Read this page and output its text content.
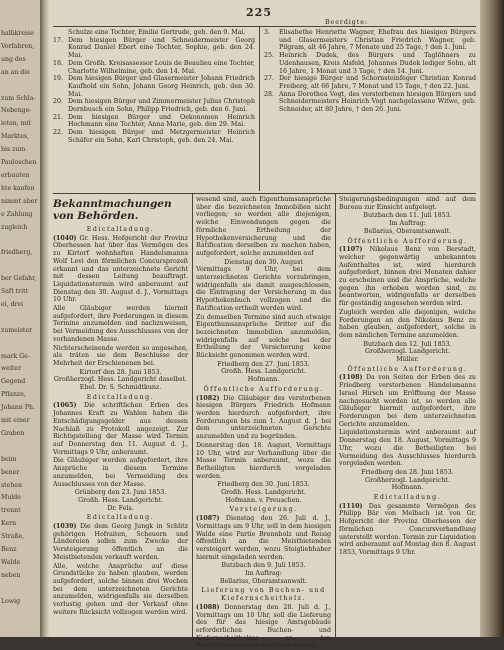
halbkreise
Verfahren,
ung des
an an die
zum Schla-
Nebenge-
ieten, mit
Marktes,
bis zum
Pauloschen
erbauten
hte kaufen
nimmt aber
e Zahlung
zugleich
friedberg,
ber Gefahr,
Saft tritt
ei, drei
zumeister
mark Ge-
weiter
Gegend
Pflanze,
Johann Ph.
mit einer
Graben
beim
bener
stehen
Mulde
trennt
Kern
Straße,
Benz
Walde
neben
Lowig
225
Beerdigte:
Schulze eine Tochter, Emilie Gertrude, geb. den 9. Mai.
17. Dem hiesigen Bürger und Schneidermeister Georg Konrad Daniel Ebert eine Tochter, Sophie, geb. den 24. Mai.
18. Dem Großh. Kreisassessor Louis de Beaulieu eine Tochter, Charlotte Wilhelmine, geb. den 14. Mai.
19. Dem hiesigen Bürger und Glasermeister Johann Friedrich Kaufhold ein Sohn, Johann Georg Heinrich, geb. den 30. Mai.
20. Dem hiesigen Bürger und Zimmermeister Julius Christoph Dornbusch ein Sohn, Philipp Friedrich, geb. den 6. Juni.
21. Dem hiesigen Bürger und Oekonomen Heinrich Hochmann eine Tochter, Anna Marie, geb. den 29. Mai.
22. Dem hiesigen Bürger und Metzgermeister Heinrich Schäfer ein Sohn, Karl Christoph, geb. den 24. Mai.
3.	Elisabethe Henriette Wagner, Ehefrau des hiesigen Bürgers und Glasermeisters Christian Friedrich Wagner, geb. Pilgram, alt 46 Jahre, 7 Monate und 25 Tage, † den 1. Juni.
25. Heinrich Dudek, des Bürgers und Taglöhners zu Udenhausen, Kreis Alsfeld, Johannes Dudek lediger Sohn, alt 16 Jahre, 1 Monat und 3 Tage, † den 14. Juni.
27. Der hiesige Bürger und Schornsteinfeger Christian Konrad Freiberg, alt 66 Jahre, 7 Monat und 15 Tage, † den 22. Juni.
28. Anna Dorothea Vogt, des verstorbenen hiesigen Bürgers und Schneidermeisters Heinrich Vogt nachgelassene Witwe, geb. Schneider, alt 80 Jahre, † den 26. Juni.
Bekanntmachungen von Behörden.
Edictalladung.

(1040) Gr. Hess. Hofgericht der Provinz Oberhessen hat über das Vermögen des zu Kirtorf wohnhaften Handelsmanns Wolf Levi den förmlichen Concursprozeß erkannt und das unterzeichnete Gericht mit dessen Leitung beauftragt. Liquidationstermin wird anberaumt auf Dienstag den 30. August d. J., Vormittags 10 Uhr.

Alle Gläubiger werden hiermit aufgefordert, ihre Forderungen in diesem Termine anzumelden und nachzuweisen, bei Vermeidung des Ausschlusses von der vorhandenen Masse.

Nichterscheinende werden so angesehen, als träten sie dem Beschlusse der Mehrheit der Erschienenen bei.

Kirtorf den 28. Juni 1853.
Großherzogl. Hess. Landgericht daselbst.
Ebel. Dr. S. Schmidtkunz.
Edictalladung.

(1065) Die schriftlichen Erben des Johannes Kraft zu Wahlen haben die Entschädigungsgelder aus dessen Nachlaß zu Protokoll angezeigt. Zur Richtigstellung der Masse wird Termin auf Donnerstag den 11. August d. J., Vormittags 9 Uhr, anberaumt.

Die Gläubiger werden aufgefordert, ihre Ansprüche in diesem Termine anzumelden, bei Vermeidung des Ausschlusses von der Masse.

Grünberg den 23. Juni 1853.
Großh. Hess. Landgericht.
Dr. Fels.
Edictalladung.

(1039) Die dem Georg Jungk in Schlitz gehörigen Hofraiten, Scheuern und Ländereien sollen zum Zwecke der Versteigerung öffentlich an die Meistbietenden verkauft werden.

Alle, welche Ansprüche auf diese Grundstücke zu haben glauben, werden aufgefordert, solche binnen drei Wochen bei dem unterzeichneten Gerichte anzumelden, widrigenfalls sie derselben verlustig gehen und der Verkauf ohne weitere Rücksicht vollzogen werden wird.

wesend sind, auch Eigenthumsansprüche über die bezeichneten Immobilien nicht vorliegen; so werden alle diejenigen, welche Einwendungen gegen die förmliche Ertheilung der Hypothekenversicherung und die Ratification derselben zu machen haben, aufgefordert, solche anzumelden auf

Dienstag den 30. August

Vormittags 9 Uhr, bei dem unterzeichneten Gerichte vorzubringen, widrigenfalls sie damit ausgeschlossen, die Eintragung der Versicherung in das Hypothekenbuch vollzogen und die Ratification ertheilt werden wird.

Zu demselben Termine sind auch etwaige Eigenthumsansprüche Dritter auf die bezeichneten Immobilien anzumelden, widrigenfalls auf solche bei der Ertheilung der Versicherung keine Rücksicht genommen werden wird.

Friedberg den 27. Juni 1853.
Großh. Hess. Landgericht.
Hofmann.
Öffentliche Aufforderung.

(1082) Die Gläubiger des verstorbenen hiesigen Bürgers Friedrich Hofmann werden hierdurch aufgefordert, ihre Forderungen bis zum 1. August d. J. bei dem unterzeichneten Gerichte anzumelden und zu begründen.

Donnerstag den 18. August, Vormittags 10 Uhr, wird zur Verhandlung über die Masse Termin anberaumt, wozu die Betheiligten hierdurch vorgeladen werden.

Friedberg den 30. Juni 1853.
Großh. Hess. Landgericht.
Hofmann. v. Preuschen.
Versteigerung.

(1087) Dienstag den 26. Juli d. J., Vormittags um 9 Uhr, soll in dem hiesigen Walde eine Partie Brennholz und Reisig öffentlich an die Meistbietenden versteigert werden, wozu Steigliebhaber hiermit eingeladen werden.

Butzbach den 9. Juli 1853.
Im Auftrag:
Bellarius, Oberamtsanwalt.
Lieferung von Buchen- und Kiefernscheitholz.

(1088) Donnerstag den 28. Juli d. J., Vormittags um 10 Uhr, soll die Lieferung des für das hiesige Amtsgebäude erforderlichen Buchen- und Kiefernscheitholzes an den Wenigstnehmenden vergeben werden.

Steigerungsbedingungen sind auf dem Bureau zur Einsicht aufgelegt.

Butzbach den 11. Juli 1853.
Im Auftrag:
Bellarius, Oberamtsanwalt.
Öffentliche Aufforderung.

(1107) Nikolaus Benz von Berstadt, welcher gegenwärtig unbekannten Aufenthaltes ist, wird hierdurch aufgefordert, binnen drei Monaten dahier zu erscheinen und die Ansprüche, welche gegen ihn erhoben worden sind, zu beantworten, widrigenfalls er derselben für geständig angesehen werden wird.

Zugleich werden alle diejenigen, welche Forderungen an den Nikolaus Benz zu haben glauben, aufgefordert, solche in dem nämlichen Termine anzumelden.

Butzbach den 12. Juli 1853.
Großherzogl. Landgericht.
Müller.
Öffentliche Aufforderung.

(1108) Da von Seiten der Erben des zu Friedberg verstorbenen Handelsmanns Israel Hirsch um Eröffnung der Masse nachgesucht worden ist, so werden alle Gläubiger hiermit aufgefordert, ihre Forderungen bei dem unterzeichneten Gerichte anzumelden.

Liquidationstermin wird anberaumt auf Donnerstag den 18. August, Vormittags 9 Uhr, wozu die Betheiligten bei Vermeidung des Ausschlusses hierdurch vorgeladen werden.

Friedberg den 28. Juni 1853.
Großherzogl. Landgericht.
Hofmann.
Edictalladung.

(1110) Das gesammte Vermögen des Philipp Bär von Melbach ist von Gr. Hofgericht der Provinz Oberhessen der förmlichen Concursverhandlung unterstellt worden. Termin zur Liquidation wird anberaumt auf Montag den 8. August 1853, Vormittags 9 Uhr.
